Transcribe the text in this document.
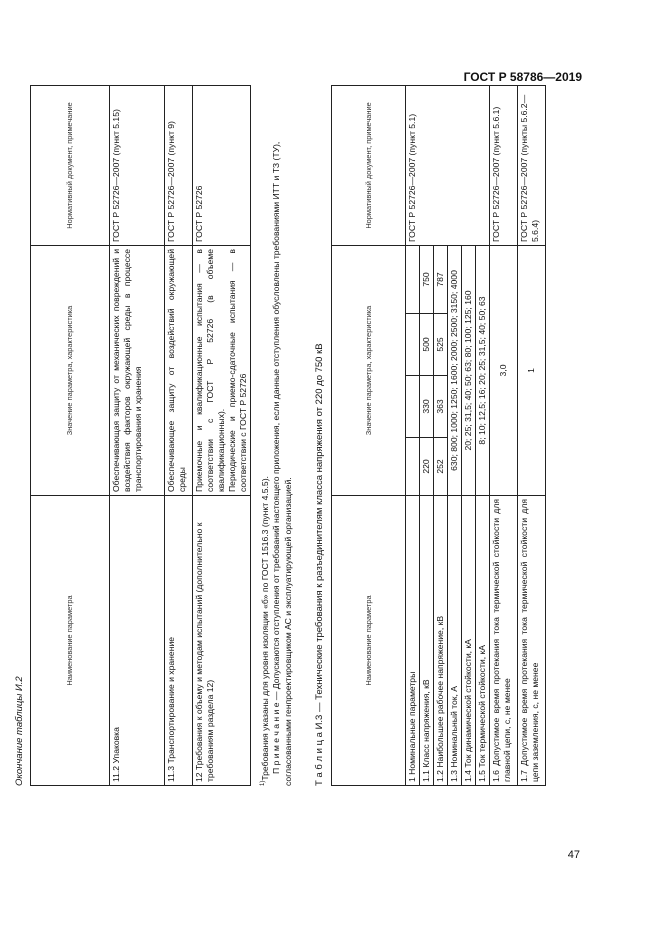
ГОСТ Р 58786—2019
47
Окончание таблицы И.2
Наименование параметра	Значение параметра, характеристика	Нормативный документ, примечание
11.2 Упаковка	Обеспечивающая защиту от механических повреждений и воздействия факторов окружающей среды в процессе транспортирования и хранения	ГОСТ Р 52726—2007 (пункт 5.15)
11.3 Транспортирование и хранение	Обеспечивающее защиту от воздействий окружающей среды	ГОСТ Р 52726—2007 (пункт 9)
12 Требования к объему и методам испытаний (дополнительно к требованиям раздела 12)	Приемочные и квалификационные испытания — в соответствии с ГОСТ Р 52726 (в объеме квалификационных). Периодические и приемо-сдаточные испытания — в соответствии с ГОСТ Р 52726	ГОСТ Р 52726
$^{1)}$Требования указаны для уровня изоляции «б» по ГОСТ 1516.3 (пункт 4.5.5). П р и м е ч а н и е — Допускаются отступления от требований настоящего приложения, если данные отступления обусловлены требованиями ИТТ и ТЗ (ТУ), согласованными генпроектировщиком АС и эксплуатирующей организацией. Т а б л и ц а И.3 — Технические требования к разъединителям класса напряжения от 220 до 750 кВ	Наименование параметра	Значение параметра, характеристика				Нормативный документ, примечание
1 Номинальные параметры					ГОСТ Р 52726—2007 (пункт 5.1)
1.1 Класс напряжения, кВ	220	330	500	750	
1.2 Наибольшее рабочее напряжение, кВ	252	363	525	787	
1.3 Номинальный ток, А	630; 800; 1000; 1250; 1600; 2000; 2500; 3150; 4000				
1.4 Ток динамической стойкости, кА	20; 25; 31,5; 40; 50; 63; 80; 100; 125; 160				
1.5 Ток термической стойкости, кА	8; 10; 12,5; 16; 20; 25; 31,5; 40; 50; 63				
1.6 Допустимое время протекания тока термической стойкости для главной цепи, с, не менее	3,0				ГОСТ Р 52726—2007 (пункт 5.6.1)
1.7 Допустимое время протекания тока термической стойкости для цепи заземления, с, не менее	1				ГОСТ Р 52726—2007 (пункты 5.6.2—5.6.4)
